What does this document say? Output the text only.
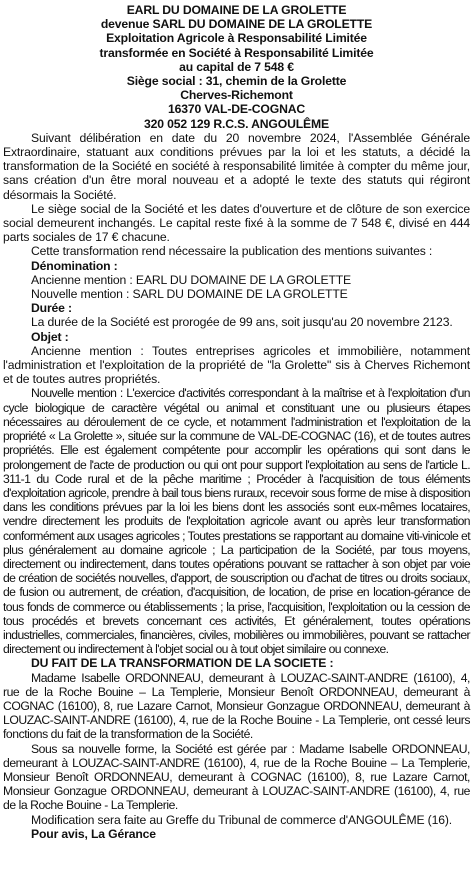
EARL DU DOMAINE DE LA GROLETTE
devenue SARL DU DOMAINE DE LA GROLETTE
Exploitation Agricole à Responsabilité Limitée
transformée en Société à Responsabilité Limitée
au capital de 7 548 €
Siège social : 31, chemin de la Grolette
Cherves-Richemont
16370 VAL-DE-COGNAC
320 052 129 R.C.S. ANGOULÊME

Suivant délibération en date du 20 novembre 2024, l'Assemblée Générale Extraordinaire, statuant aux conditions prévues par la loi et les statuts, a décidé la transformation de la Société en société à responsabilité limitée à compter du même jour, sans création d'un être moral nouveau et a adopté le texte des statuts qui régiront désormais la Société.

Le siège social de la Société et les dates d'ouverture et de clôture de son exercice social demeurent inchangés. Le capital reste fixé à la somme de 7 548 €, divisé en 444 parts sociales de 17 € chacune.

Cette transformation rend nécessaire la publication des mentions suivantes :

Dénomination :

Ancienne mention : EARL DU DOMAINE DE LA GROLETTE

Nouvelle mention : SARL DU DOMAINE DE LA GROLETTE

Durée :

La durée de la Société est prorogée de 99 ans, soit jusqu'au 20 novembre 2123.

Objet :

Ancienne mention : Toutes entreprises agricoles et immobilière, notamment l'administration et l'exploitation de la propriété de "la Grolette" sis à Cherves Richemont et de toutes autres propriétés.

Nouvelle mention : L'exercice d'activités correspondant à la maîtrise et à l'exploitation d'un cycle biologique de caractère végétal ou animal et constituant une ou plusieurs étapes nécessaires au déroulement de ce cycle, et notamment l'administration et l'exploitation de la propriété « La Grolette », située sur la commune de VAL-DE-COGNAC (16), et de toutes autres propriétés. Elle est également compétente pour accomplir les opérations qui sont dans le prolongement de l'acte de production ou qui ont pour support l'exploitation au sens de l'article L. 311-1 du Code rural et de la pêche maritime ; Procéder à l'acquisition de tous éléments d'exploitation agricole, prendre à bail tous biens ruraux, recevoir sous forme de mise à disposition dans les conditions prévues par la loi les biens dont les associés sont eux-mêmes locataires, vendre directement les produits de l'exploitation agricole avant ou après leur transformation conformément aux usages agricoles ; Toutes prestations se rapportant au domaine viti-vinicole et plus généralement au domaine agricole ; La participation de la Société, par tous moyens, directement ou indirectement, dans toutes opérations pouvant se rattacher à son objet par voie de création de sociétés nouvelles, d'apport, de souscription ou d'achat de titres ou droits sociaux, de fusion ou autrement, de création, d'acquisition, de location, de prise en location-gérance de tous fonds de commerce ou établissements ; la prise, l'acquisition, l'exploitation ou la cession de tous procédés et brevets concernant ces activités, Et généralement, toutes opérations industrielles, commerciales, financières, civiles, mobilières ou immobilières, pouvant se rattacher directement ou indirectement à l'objet social ou à tout objet similaire ou connexe.

DU FAIT DE LA TRANSFORMATION DE LA SOCIETE :

Madame Isabelle ORDONNEAU, demeurant à LOUZAC-SAINT-ANDRE (16100), 4, rue de la Roche Bouine – La Templerie, Monsieur Benoît ORDONNEAU, demeurant à COGNAC (16100), 8, rue Lazare Carnot, Monsieur Gonzague ORDONNEAU, demeurant à LOUZAC-SAINT-ANDRE (16100), 4, rue de la Roche Bouine - La Templerie, ont cessé leurs fonctions du fait de la transformation de la Société.

Sous sa nouvelle forme, la Société est gérée par : Madame Isabelle ORDONNEAU, demeurant à LOUZAC-SAINT-ANDRE (16100), 4, rue de la Roche Bouine – La Templerie, Monsieur Benoît ORDONNEAU, demeurant à COGNAC (16100), 8, rue Lazare Carnot, Monsieur Gonzague ORDONNEAU, demeurant à LOUZAC-SAINT-ANDRE (16100), 4, rue de la Roche Bouine - La Templerie.

Modification sera faite au Greffe du Tribunal de commerce d'ANGOULÊME (16).

Pour avis, La Gérance
